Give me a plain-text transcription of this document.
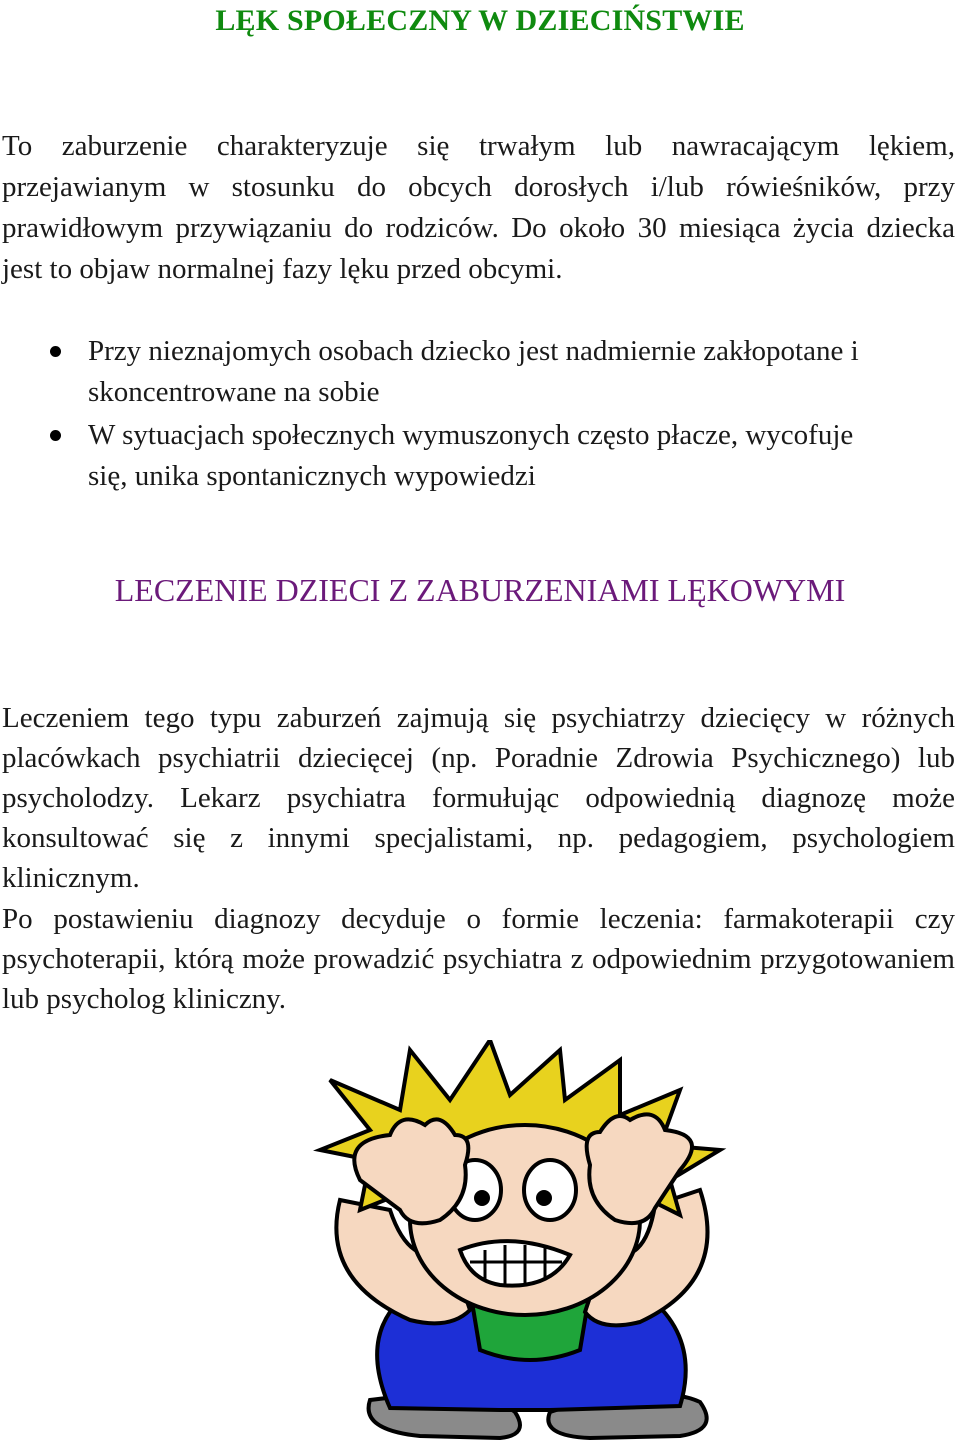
LĘK SPOŁECZNY W DZIECIŃSTWIE

To zaburzenie charakteryzuje się trwałym lub nawracającym lękiem, przejawianym w stosunku do obcych dorosłych i/lub rówieśników, przy prawidłowym przywiązaniu do rodziców. Do około 30 miesiąca życia dziecka jest to objaw normalnej fazy lęku przed obcymi.

Przy nieznajomych osobach dziecko jest nadmiernie zakłopotane i skoncentrowane na sobie
W sytuacjach społecznych wymuszonych często płacze, wycofuje się, unika spontanicznych wypowiedzi
LECZENIE DZIECI Z ZABURZENIAMI LĘKOWYMI

Leczeniem tego typu zaburzeń zajmują się psychiatrzy dziecięcy w różnych placówkach psychiatrii dziecięcej (np. Poradnie Zdrowia Psychicznego) lub psycholodzy. Lekarz psychiatra formułując odpowiednią diagnozę może konsultować się z innymi specjalistami, np. pedagogiem, psychologiem klinicznym.

Po postawieniu diagnozy decyduje o formie leczenia: farmakoterapii czy psychoterapii, którą może prowadzić psychiatra z odpowiednim przygotowaniem lub psycholog kliniczny.
